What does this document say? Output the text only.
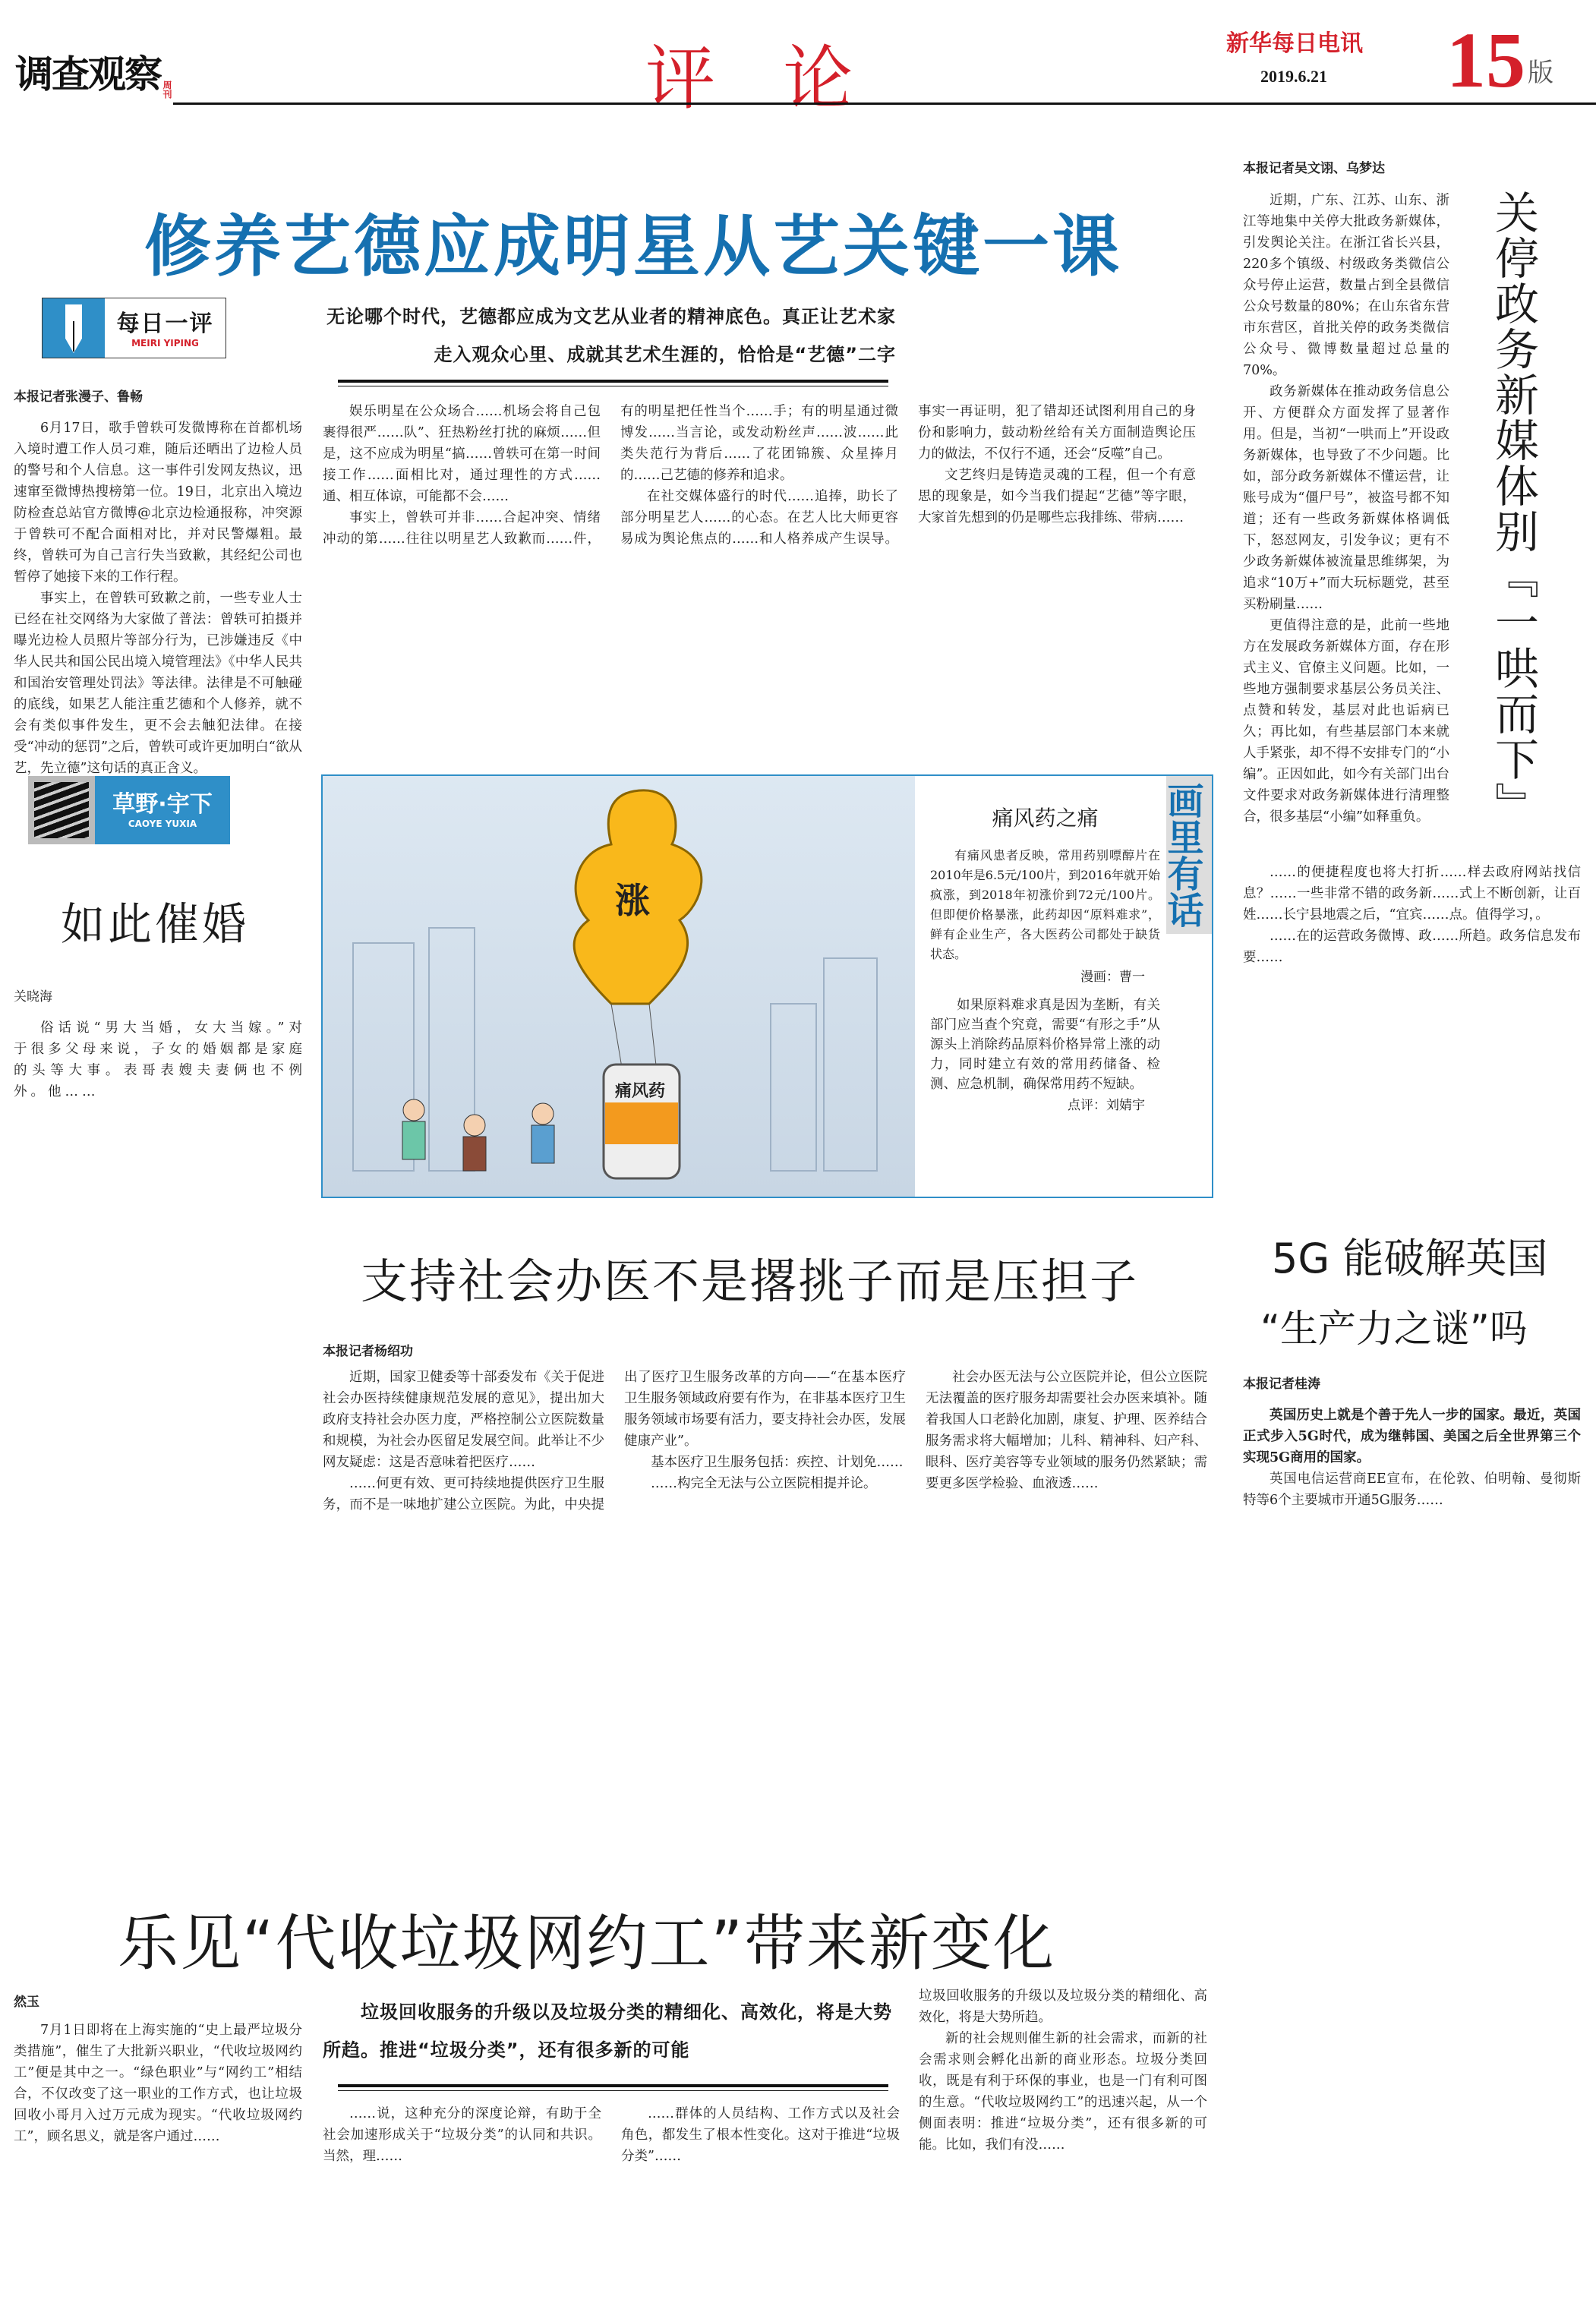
调查观察 周刊	评 论	新华每日电讯
2019.6.21 15 版
修养艺德应成明星从艺关键一课
每日一评
MEIRI YIPING
无论哪个时代，艺德都应成为文艺从业者的精神底色。真正让艺术家走入观众心里、成就其艺术生涯的，恰恰是“艺德”二字
本报记者张漫子、鲁畅

6月17日，歌手曾轶可发微博称在首都机场入境时遭工作人员刁难，随后还晒出了边检人员的警号和个人信息。这一事件引发网友热议，迅速窜至微博热搜榜第一位。19日，北京出入境边防检查总站官方微博@北京边检通报称，冲突源于曾轶可不配合面相对比，并对民警爆粗。最终，曾轶可为自己言行失当致歉，其经纪公司也暂停了她接下来的工作行程。

事实上，在曾轶可致歉之前，一些专业人士已经在社交网络为大家做了普法：曾轶可拍摄并曝光边检人员照片等部分行为，已涉嫌违反《中华人民共和国公民出境入境管理法》《中华人民共和国治安管理处罚法》等法律。法律是不可触碰的底线，如果艺人能注重艺德和个人修养，就不会有类似事件发生，更不会去触犯法律。在接受“冲动的惩罚”之后，曾轶可或许更加明白“欲从艺，先立德”这句话的真正含义。

娱乐明星在公众场合……机场会将自己包裹得很严……队”、狂热粉丝打扰的麻烦……但是，这不应成为明星“搞……曾轶可在第一时间接工作……面相比对，通过理性的方式……通、相互体谅，可能都不会……

事实上，曾轶可并非……合起冲突、情绪冲动的第……往往以明星艺人致歉而……件，有的明星把任性当个……手；有的明星通过微博发……当言论，或发动粉丝声……波……此类失范行为背后……了花团锦簇、众星捧月的……己艺德的修养和追求。

在社交媒体盛行的时代……追捧，助长了部分明星艺人……的心态。在艺人比大师更容易成为舆论焦点的……和人格养成产生误导。事实一再证明，犯了错却还试图利用自己的身份和影响力，鼓动粉丝给有关方面制造舆论压力的做法，不仅行不通，还会“反噬”自己。

文艺终归是铸造灵魂的工程，但一个有意思的现象是，如今当我们提起“艺德”等字眼，大家首先想到的仍是哪些忘我排练、带病……

本报记者吴文诩、乌梦达
关停政务新媒体别『一哄而下』

近期，广东、江苏、山东、浙江等地集中关停大批政务新媒体，引发舆论关注。在浙江省长兴县，220多个镇级、村级政务类微信公众号停止运营，数量占到全县微信公众号数量的80%；在山东省东营市东营区，首批关停的政务类微信公众号、微博数量超过总量的70%。

政务新媒体在推动政务信息公开、方便群众方面发挥了显著作用。但是，当初“一哄而上”开设政务新媒体，也导致了不少问题。比如，部分政务新媒体不懂运营，让账号成为“僵尸号”，被盗号都不知道；还有一些政务新媒体格调低下，怒怼网友，引发争议；更有不少政务新媒体被流量思维绑架，为追求“10万+”而大玩标题党，甚至买粉刷量……

更值得注意的是，此前一些地方在发展政务新媒体方面，存在形式主义、官僚主义问题。比如，一些地方强制要求基层公务员关注、点赞和转发，基层对此也诟病已久；再比如，有些基层部门本来就人手紧张，却不得不安排专门的“小编”。正因如此，如今有关部门出台文件要求对政务新媒体进行清理整合，很多基层“小编”如释重负。

……的便捷程度也将大打折……样去政府网站找信息？……一些非常不错的政务新……式上不断创新，让百姓……长宁县地震之后，“宜宾……点。值得学习，。

……在的运营政务微博、政……所趋。政务信息发布要……

草野·宇下
CAOYE YUXIA
如此催婚
关晓海

俗话说“男大当婚，女大当嫁。”对于很多父母来说，子女的婚姻都是家庭的头等大事。表哥表嫂夫妻俩也不例外。他……

涨
痛风药
画里有话
痛风药之痛
有痛风患者反映，常用药别嘌醇片在2010年是6.5元/100片，到2016年就开始疯涨，到2018年初涨价到72元/100片。但即便价格暴涨，此药却因“原料难求”，鲜有企业生产，各大医药公司都处于缺货状态。
漫画：曹一
如果原料难求真是因为垄断，有关部门应当查个究竟，需要“有形之手”从源头上消除药品原料价格异常上涨的动力，同时建立有效的常用药储备、检测、应急机制，确保常用药不短缺。
点评：刘婧宇
支持社会办医不是撂挑子而是压担子
本报记者杨绍功

近期，国家卫健委等十部委发布《关于促进社会办医持续健康规范发展的意见》，提出加大政府支持社会办医力度，严格控制公立医院数量和规模，为社会办医留足发展空间。此举让不少网友疑虑：这是否意味着把医疗……

……何更有效、更可持续地提供医疗卫生服务，而不是一味地扩建公立医院。为此，中央提出了医疗卫生服务改革的方向——“在基本医疗卫生服务领域政府要有作为，在非基本医疗卫生服务领域市场要有活力，要支持社会办医，发展健康产业”。

基本医疗卫生服务包括：疾控、计划免……

……构完全无法与公立医院相提并论。

社会办医无法与公立医院并论，但公立医院无法覆盖的医疗服务却需要社会办医来填补。随着我国人口老龄化加剧，康复、护理、医养结合服务需求将大幅增加；儿科、精神科、妇产科、眼科、医疗美容等专业领域的服务仍然紧缺；需要更多医学检验、血液透……

5G 能破解英国
“生产力之谜”吗
本报记者桂涛

英国历史上就是个善于先人一步的国家。最近，英国正式步入5G时代，成为继韩国、美国之后全世界第三个实现5G商用的国家。

英国电信运营商EE宣布，在伦敦、伯明翰、曼彻斯特等6个主要城市开通5G服务……

乐见“代收垃圾网约工”带来新变化
然玉

7月1日即将在上海实施的“史上最严垃圾分类措施”，催生了大批新兴职业，“代收垃圾网约工”便是其中之一。“绿色职业”与“网约工”相结合，不仅改变了这一职业的工作方式，也让垃圾回收小哥月入过万元成为现实。“代收垃圾网约工”，顾名思义，就是客户通过……

垃圾回收服务的升级以及垃圾分类的精细化、高效化，将是大势所趋。推进“垃圾分类”，还有很多新的可能

……说，这种充分的深度论辩，有助于全社会加速形成关于“垃圾分类”的认同和共识。当然，理……

……群体的人员结构、工作方式以及社会角色，都发生了根本性变化。这对于推进“垃圾分类”……

垃圾回收服务的升级以及垃圾分类的精细化、高效化，将是大势所趋。

新的社会规则催生新的社会需求，而新的社会需求则会孵化出新的商业形态。垃圾分类回收，既是有利于环保的事业，也是一门有利可图的生意。“代收垃圾网约工”的迅速兴起，从一个侧面表明：推进“垃圾分类”，还有很多新的可能。比如，我们有没……
